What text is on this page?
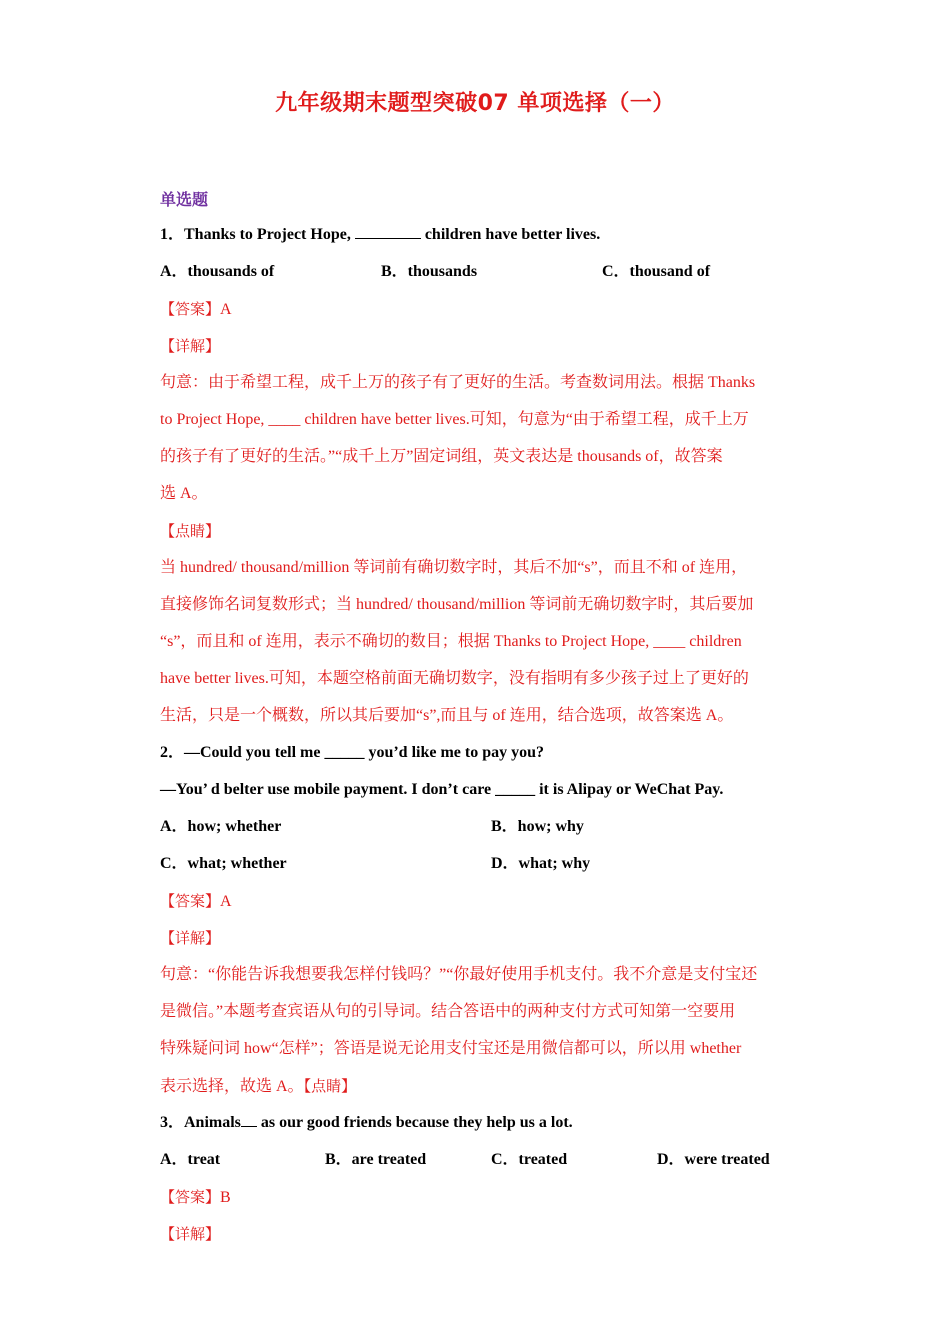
九年级期末题型突破07 单项选择（一）
单选题
1．Thanks to Project Hope,	children have better lives.
A．thousands of	B．thousands	C．thousand of
【答案】A
【详解】
句意：由于希望工程，成千上万的孩子有了更好的生活。考查数词用法。根据 Thanks
to Project Hope, ____ children have better lives.可知，句意为“由于希望工程，成千上万
的孩子有了更好的生活。”“成千上万”固定词组，英文表达是 thousands of，故答案
选 A。
【点睛】
当 hundred/ thousand/million 等词前有确切数字时，其后不加“s”，而且不和 of 连用，
直接修饰名词复数形式；当 hundred/ thousand/million 等词前无确切数字时，其后要加
“s”，而且和 of 连用，表示不确切的数目；根据 Thanks to Project Hope, ____ children
have better lives.可知，本题空格前面无确切数字，没有指明有多少孩子过上了更好的
生活，只是一个概数，所以其后要加“s”,而且与 of 连用，结合选项，故答案选 A。
2．—Could you tell me _____ you’d like me to pay you?
—You’ d belter use mobile payment. I don’t care _____ it is Alipay or WeChat Pay.
A．how; whether	B．how; why
C．what; whether	D．what; why
【答案】A
【详解】
句意：“你能告诉我想要我怎样付钱吗？”“你最好使用手机支付。我不介意是支付宝还
是微信。”本题考查宾语从句的引导词。结合答语中的两种支付方式可知第一空要用
特殊疑问词 how“怎样”；答语是说无论用支付宝还是用微信都可以，所以用 whether
表示选择，故选 A。【点睛】
3．Animals as our good friends because they help us a lot.
A．treat	B．are treated	C．treated	D．were treated
【答案】B
【详解】
